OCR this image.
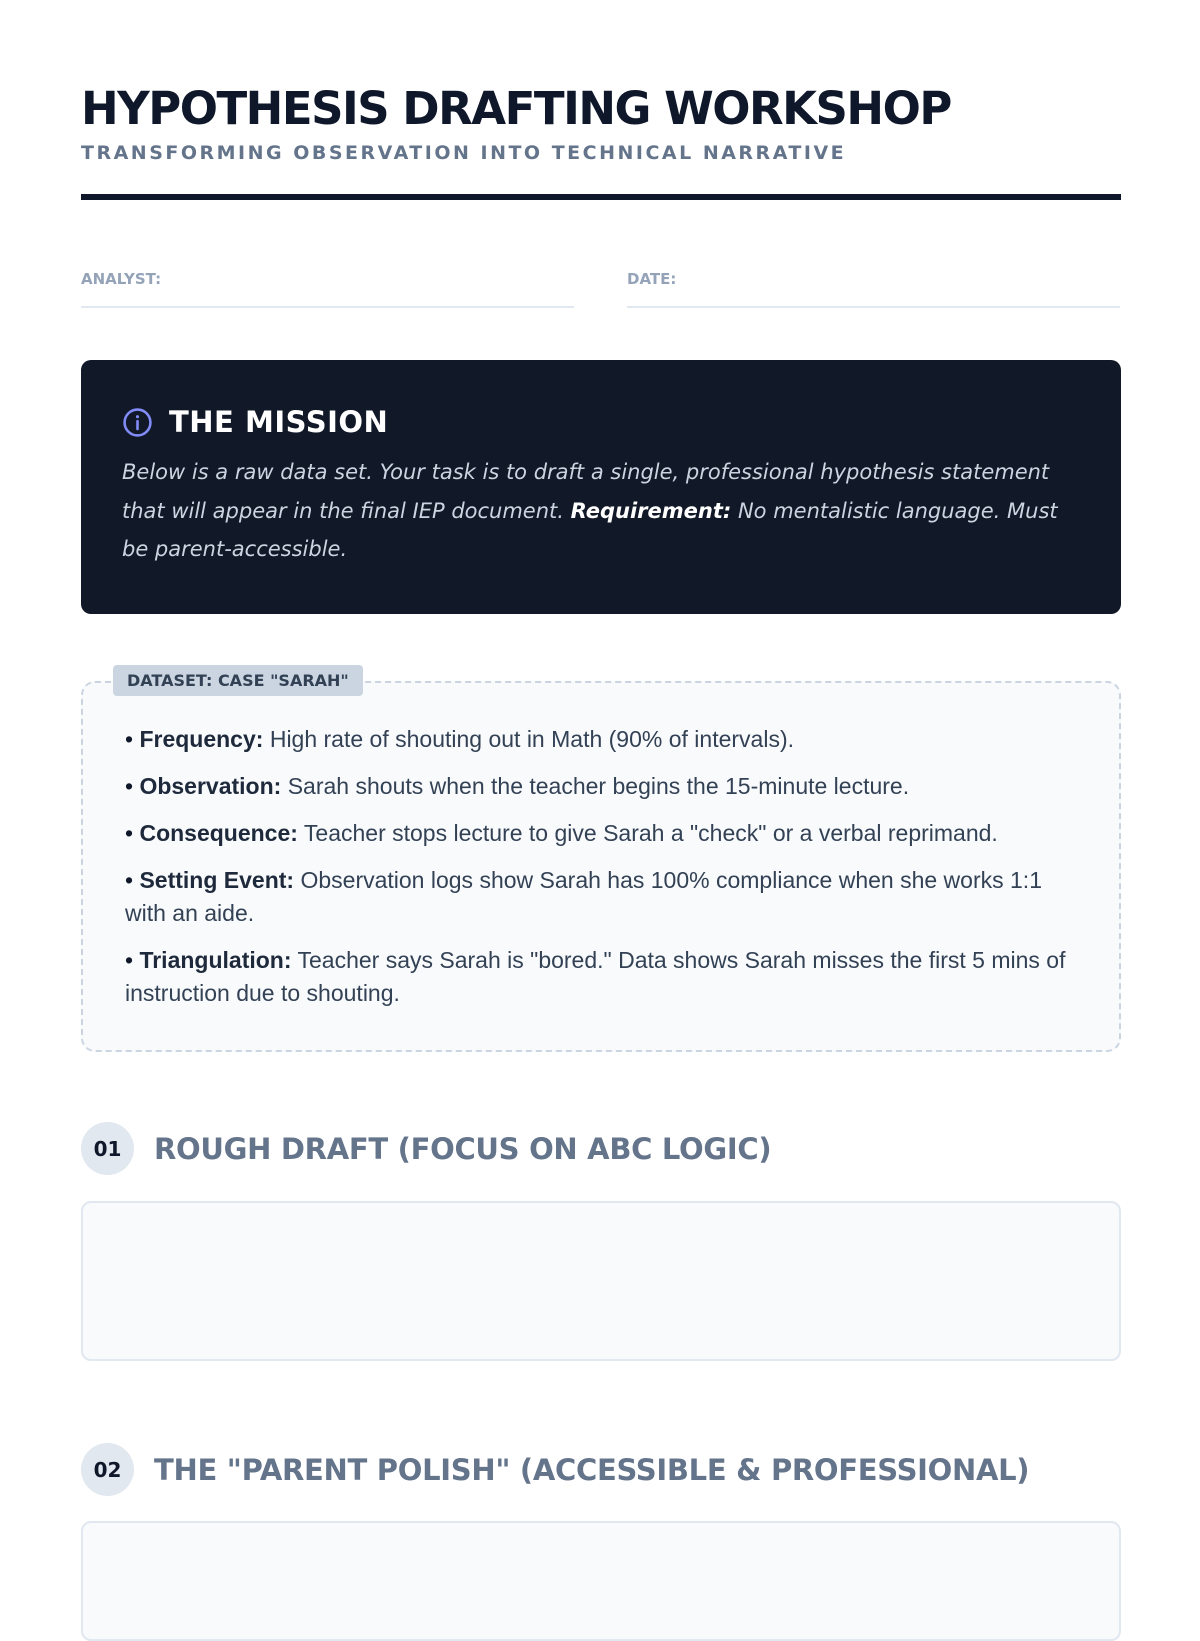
HYPOTHESIS DRAFTING WORKSHOP
TRANSFORMING OBSERVATION INTO TECHNICAL NARRATIVE
ANALYST:	DATE:
THE MISSION
Below is a raw data set. Your task is to draft a single, professional hypothesis statement that will appear in the final IEP document. Requirement: No mentalistic language. Must be parent-accessible.
DATASET: CASE "SARAH"
• Frequency: High rate of shouting out in Math (90% of intervals).
• Observation: Sarah shouts when the teacher begins the 15-minute lecture.
• Consequence: Teacher stops lecture to give Sarah a "check" or a verbal reprimand.
• Setting Event: Observation logs show Sarah has 100% compliance when she works 1:1 with an aide.
• Triangulation: Teacher says Sarah is "bored." Data shows Sarah misses the first 5 mins of instruction due to shouting.
01	ROUGH DRAFT (FOCUS ON ABC LOGIC)
02	THE "PARENT POLISH" (ACCESSIBLE & PROFESSIONAL)
